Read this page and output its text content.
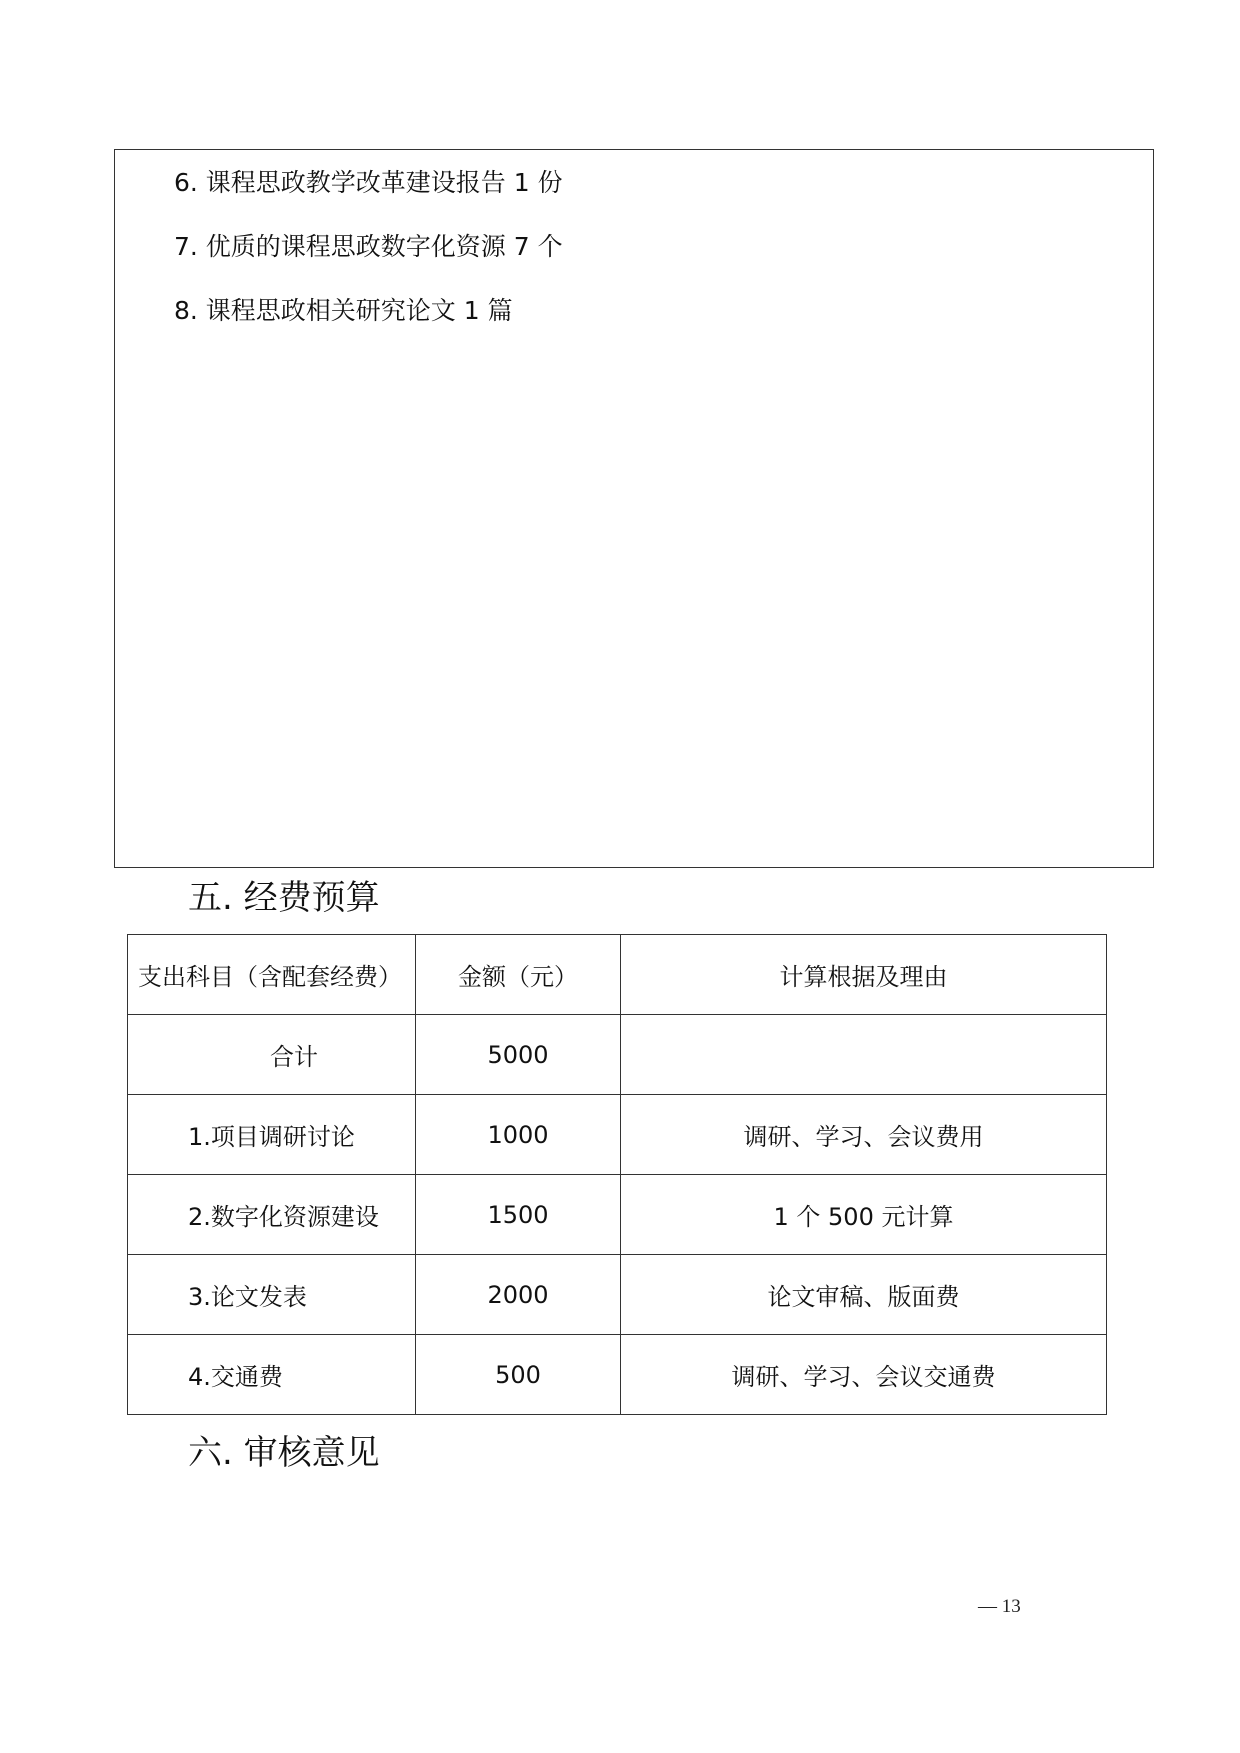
6. 课程思政教学改革建设报告 1 份
7. 优质的课程思政数字化资源 7 个
8. 课程思政相关研究论文 1 篇
五. 经费预算
支出科目（含配套经费）	金额（元）	计算根据及理由
合计	5000	
1.项目调研讨论	1000	调研、学习、会议费用
2.数字化资源建设	1500	1 个 500 元计算
3.论文发表	2000	论文审稿、版面费
4.交通费	500	调研、学习、会议交通费
六. 审核意见
— 13
